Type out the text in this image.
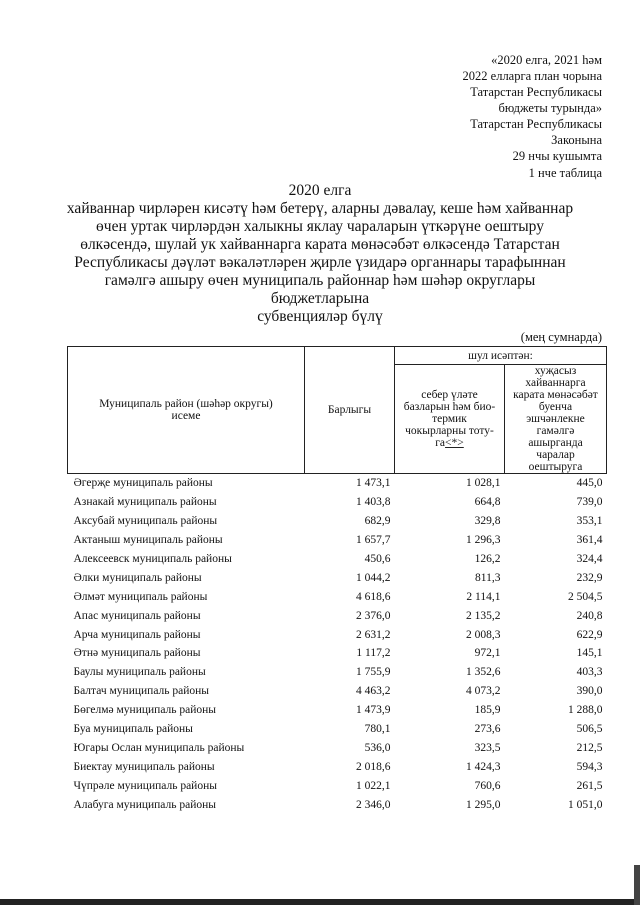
«2020 елга, 2021 һәм
2022 елларга план чорына
Татарстан Республикасы
бюджеты турында»
Татарстан Республикасы
Законына
29 нчы кушымта
1 нче таблица
2020 елга
хайваннар чирләрен кисәтү һәм бетерү, аларны дәвалау, кеше һәм хайваннар
өчен уртак чирләрдән халыкны яклау чараларын үткәрүне оештыру
өлкәсендә, шулай ук хайваннарга карата мөнәсәбәт өлкәсендә Татарстан
Республикасы дәүләт вәкаләтләрен җирле үзидарә органнары тарафыннан
гамәлгә ашыру өчен муниципаль районнар һәм шәһәр округлары
бюджетларына
субвенцияләр бүлү
(мең сумнарда)
Муниципаль район (шәһәр округы) исеме	Барлыгы	шул исәптән:	
		себер үләте базларын һәм био-термик чокырларны тоту-га<*>	хуҗасыз хайваннарга карата мөнәсәбәт буенча эшчәнлекне гамәлгә ашырганда чаралар оештыруга
Әгерҗе муниципаль районы	1 473,1	1 028,1	445,0
Азнакай муниципаль районы	1 403,8	664,8	739,0
Аксубай муниципаль районы	682,9	329,8	353,1
Актаныш муниципаль районы	1 657,7	1 296,3	361,4
Алексеевск муниципаль районы	450,6	126,2	324,4
Әлки муниципаль районы	1 044,2	811,3	232,9
Әлмәт муниципаль районы	4 618,6	2 114,1	2 504,5
Апас муниципаль районы	2 376,0	2 135,2	240,8
Арча муниципаль районы	2 631,2	2 008,3	622,9
Әтнә муниципаль районы	1 117,2	972,1	145,1
Баулы муниципаль районы	1 755,9	1 352,6	403,3
Балтач муниципаль районы	4 463,2	4 073,2	390,0
Бөгелмә муниципаль районы	1 473,9	185,9	1 288,0
Буа муниципаль районы	780,1	273,6	506,5
Югары Ослан муниципаль районы	536,0	323,5	212,5
Биектау муниципаль районы	2 018,6	1 424,3	594,3
Чүпрәле муниципаль районы	1 022,1	760,6	261,5
Алабуга муниципаль районы	2 346,0	1 295,0	1 051,0
